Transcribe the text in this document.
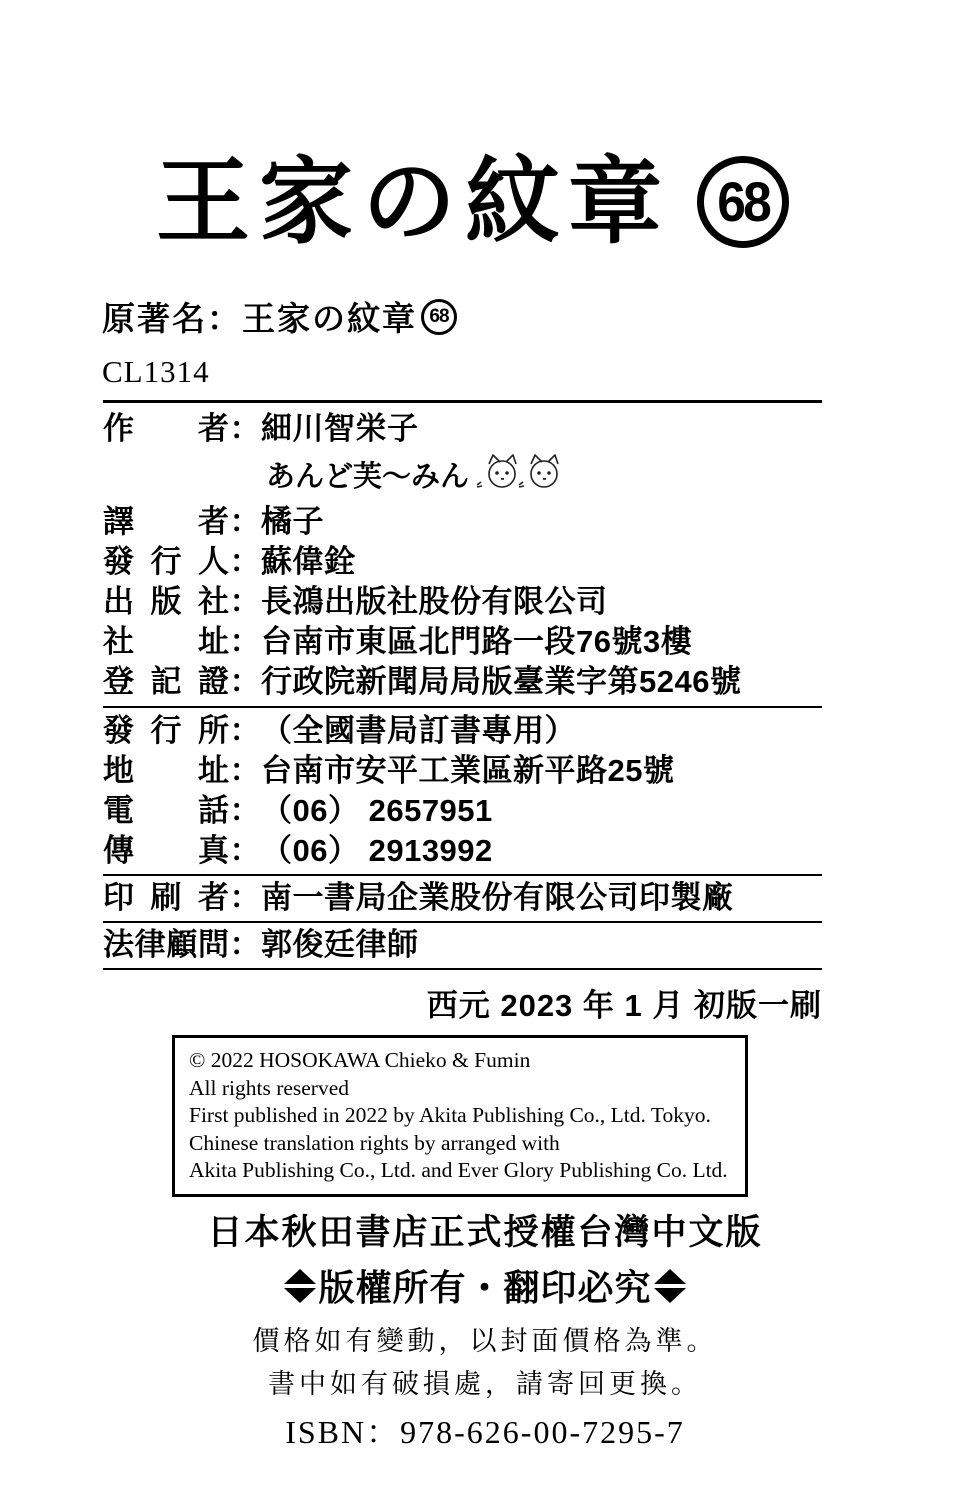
王家の紋章 68
原著名：王家の紋章 68
CL1314
作 者 ： 細川智栄子
あんど芙〜みん
譯 者 ： 橘子
發 行 人 ： 蘇偉銓
出 版 社 ： 長鴻出版社股份有限公司
社 址 ： 台南市東區北門路一段76號3樓
登 記 證 ： 行政院新聞局局版臺業字第5246號
發 行 所 ： （全國書局訂書專用）
地 址 ： 台南市安平工業區新平路25號
電 話 ： （06） 2657951
傳 真 ： （06） 2913992
印 刷 者 ： 南一書局企業股份有限公司印製廠
法 律 顧 問 ： 郭俊廷律師
西元 2023 年 1 月 初版一刷
© 2022 HOSOKAWA Chieko & Fumin
All rights reserved
First published in 2022 by Akita Publishing Co., Ltd. Tokyo.
Chinese translation rights by arranged with
Akita Publishing Co., Ltd. and Ever Glory Publishing Co. Ltd.
日本秋田書店正式授權台灣中文版
版權所有・翻印必究
價格如有變動，以封面價格為準。
書中如有破損處，請寄回更換。
ISBN：978-626-00-7295-7
